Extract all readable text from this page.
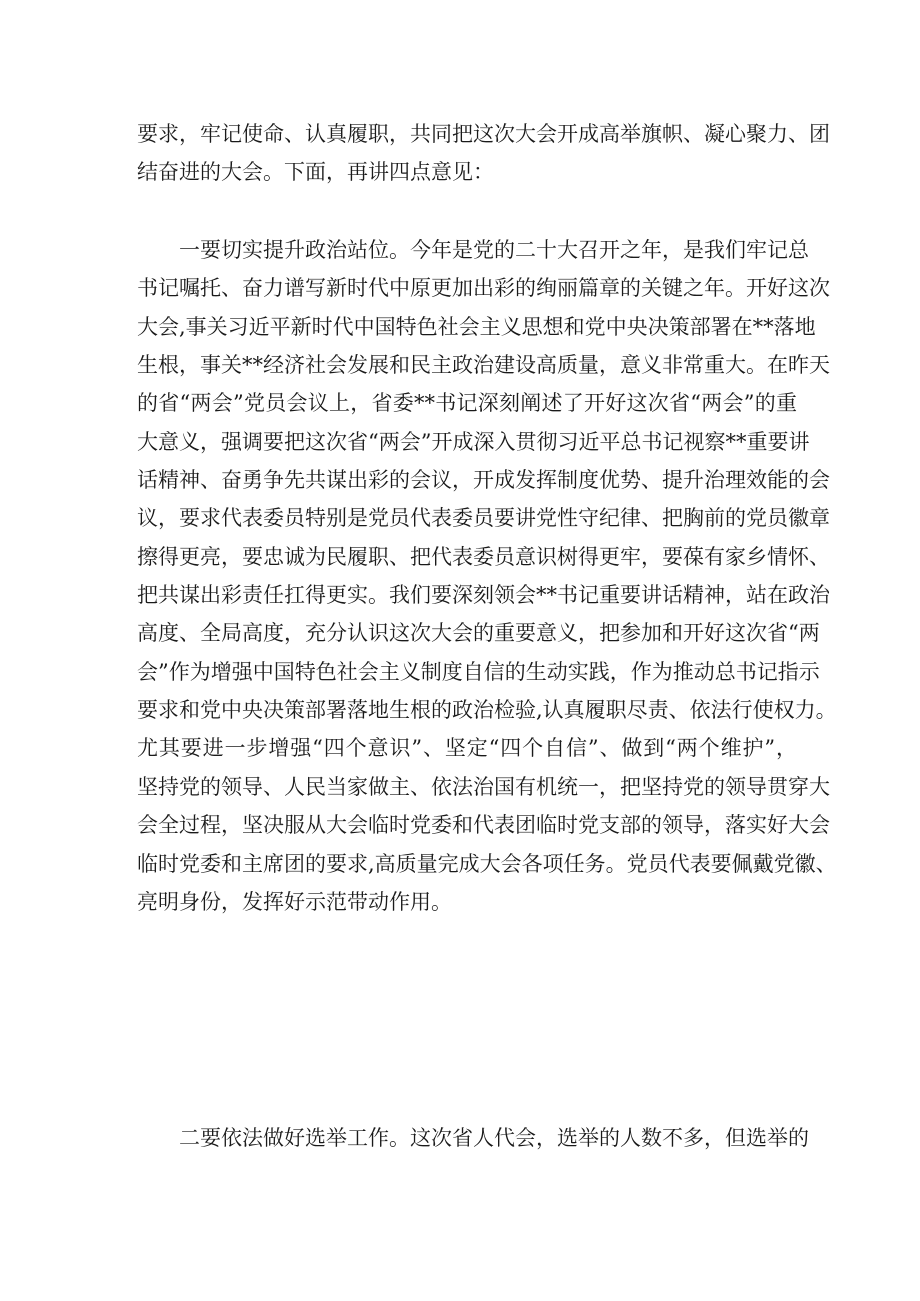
要求，牢记使命、认真履职，共同把这次大会开成高举旗帜、凝心聚力、团
结奋进的大会。下面，再讲四点意见：
一要切实提升政治站位。今年是党的二十大召开之年，是我们牢记总
书记嘱托、奋力谱写新时代中原更加出彩的绚丽篇章的关键之年。开好这次
大会,事关习近平新时代中国特色社会主义思想和党中央决策部署在**落地
生根，事关**经济社会发展和民主政治建设高质量，意义非常重大。在昨天
的省“两会”党员会议上，省委**书记深刻阐述了开好这次省“两会”的重
大意义，强调要把这次省“两会”开成深入贯彻习近平总书记视察**重要讲
话精神、奋勇争先共谋出彩的会议，开成发挥制度优势、提升治理效能的会
议，要求代表委员特别是党员代表委员要讲党性守纪律、把胸前的党员徽章
擦得更亮，要忠诚为民履职、把代表委员意识树得更牢，要葆有家乡情怀、
把共谋出彩责任扛得更实。我们要深刻领会**书记重要讲话精神，站在政治
高度、全局高度，充分认识这次大会的重要意义，把参加和开好这次省“两
会”作为增强中国特色社会主义制度自信的生动实践，作为推动总书记指示
要求和党中央决策部署落地生根的政治检验,认真履职尽责、依法行使权力。
尤其要进一步增强“四个意识”、坚定“四个自信”、做到“两个维护”，
坚持党的领导、人民当家做主、依法治国有机统一，把坚持党的领导贯穿大
会全过程，坚决服从大会临时党委和代表团临时党支部的领导，落实好大会
临时党委和主席团的要求,高质量完成大会各项任务。党员代表要佩戴党徽、
亮明身份，发挥好示范带动作用。
二要依法做好选举工作。这次省人代会，选举的人数不多，但选举的
